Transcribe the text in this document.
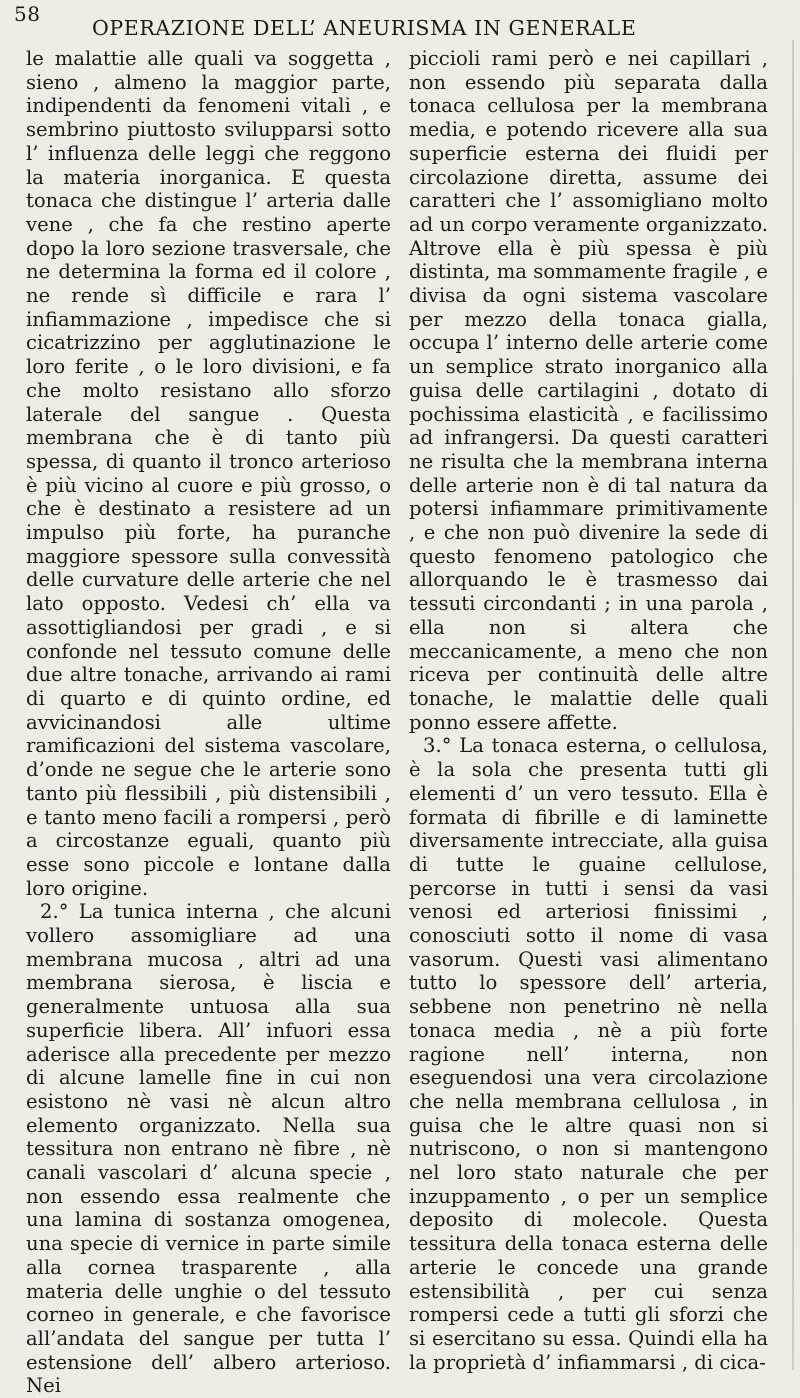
58
OPERAZIONE DELL’ ANEURISMA IN GENERALE

le malattie alle quali va soggetta , sieno , almeno la maggior parte, indipendenti da fenomeni vitali , e sembrino piuttosto svilupparsi sotto l’ influenza delle leggi che reggono la materia inorganica. E questa tonaca che distingue l’ arteria dalle vene , che fa che restino aperte dopo la loro sezione trasversale, che ne determina la forma ed il colore , ne rende sì difficile e rara l’ infiammazione , impedisce che si cicatrizzino per agglutinazione le loro ferite , o le loro divisioni, e fa che molto resistano allo sforzo laterale del sangue . Questa membrana che è di tanto più spessa, di quanto il tronco arterioso è più vicino al cuore e più grosso, o che è destinato a resistere ad un impulso più forte, ha puranche maggiore spessore sulla convessità delle curvature delle arterie che nel lato opposto. Vedesi ch’ ella va assottigliandosi per gradi , e si confonde nel tessuto comune delle due altre tonache, arrivando ai rami di quarto e di quinto ordine, ed avvicinandosi alle ultime ramificazioni del sistema vascolare, d’onde ne segue che le arterie sono tanto più flessibili , più distensibili , e tanto meno facili a rompersi , però a circostanze eguali, quanto più esse sono piccole e lontane dalla loro origine.

2.° La tunica interna , che alcuni vollero assomigliare ad una membrana mucosa , altri ad una membrana sierosa, è liscia e generalmente untuosa alla sua superficie libera. All’ infuori essa aderisce alla precedente per mezzo di alcune lamelle fine in cui non esistono nè vasi nè alcun altro elemento organizzato. Nella sua tessitura non entrano nè fibre , nè canali vascolari d’ alcuna specie , non essendo essa realmente che una lamina di sostanza omogenea, una specie di vernice in parte simile alla cornea trasparente , alla materia delle unghie o del tessuto corneo in generale, e che favorisce all’andata del sangue per tutta l’ estensione dell’ albero arterioso. Nei

piccioli rami però e nei capillari , non essendo più separata dalla tonaca cellulosa per la membrana media, e potendo ricevere alla sua superficie esterna dei fluidi per circolazione diretta, assume dei caratteri che l’ assomigliano molto ad un corpo veramente organizzato. Altrove ella è più spessa è più distinta, ma sommamente fragile , e divisa da ogni sistema vascolare per mezzo della tonaca gialla, occupa l’ interno delle arterie come un semplice strato inorganico alla guisa delle cartilagini , dotato di pochissima elasticità , e facilissimo ad infrangersi. Da questi caratteri ne risulta che la membrana interna delle arterie non è di tal natura da potersi infiammare primitivamente , e che non può divenire la sede di questo fenomeno patologico che allorquando le è trasmesso dai tessuti circondanti ; in una parola , ella non si altera che meccanicamente, a meno che non riceva per continuità delle altre tonache, le malattie delle quali ponno essere affette.

3.° La tonaca esterna, o cellulosa, è la sola che presenta tutti gli elementi d’ un vero tessuto. Ella è formata di fibrille e di laminette diversamente intrecciate, alla guisa di tutte le guaine cellulose, percorse in tutti i sensi da vasi venosi ed arteriosi finissimi , conosciuti sotto il nome di vasa vasorum. Questi vasi alimentano tutto lo spessore dell’ arteria, sebbene non penetrino nè nella tonaca media , nè a più forte ragione nell’ interna, non eseguendosi una vera circolazione che nella membrana cellulosa , in guisa che le altre quasi non si nutriscono, o non si mantengono nel loro stato naturale che per inzuppamento , o per un semplice deposito di molecole. Questa tessitura della tonaca esterna delle arterie le concede una grande estensibilità , per cui senza rompersi cede a tutti gli sforzi che si esercitano su essa. Quindi ella ha la proprietà d’ infiammarsi , di cica-
